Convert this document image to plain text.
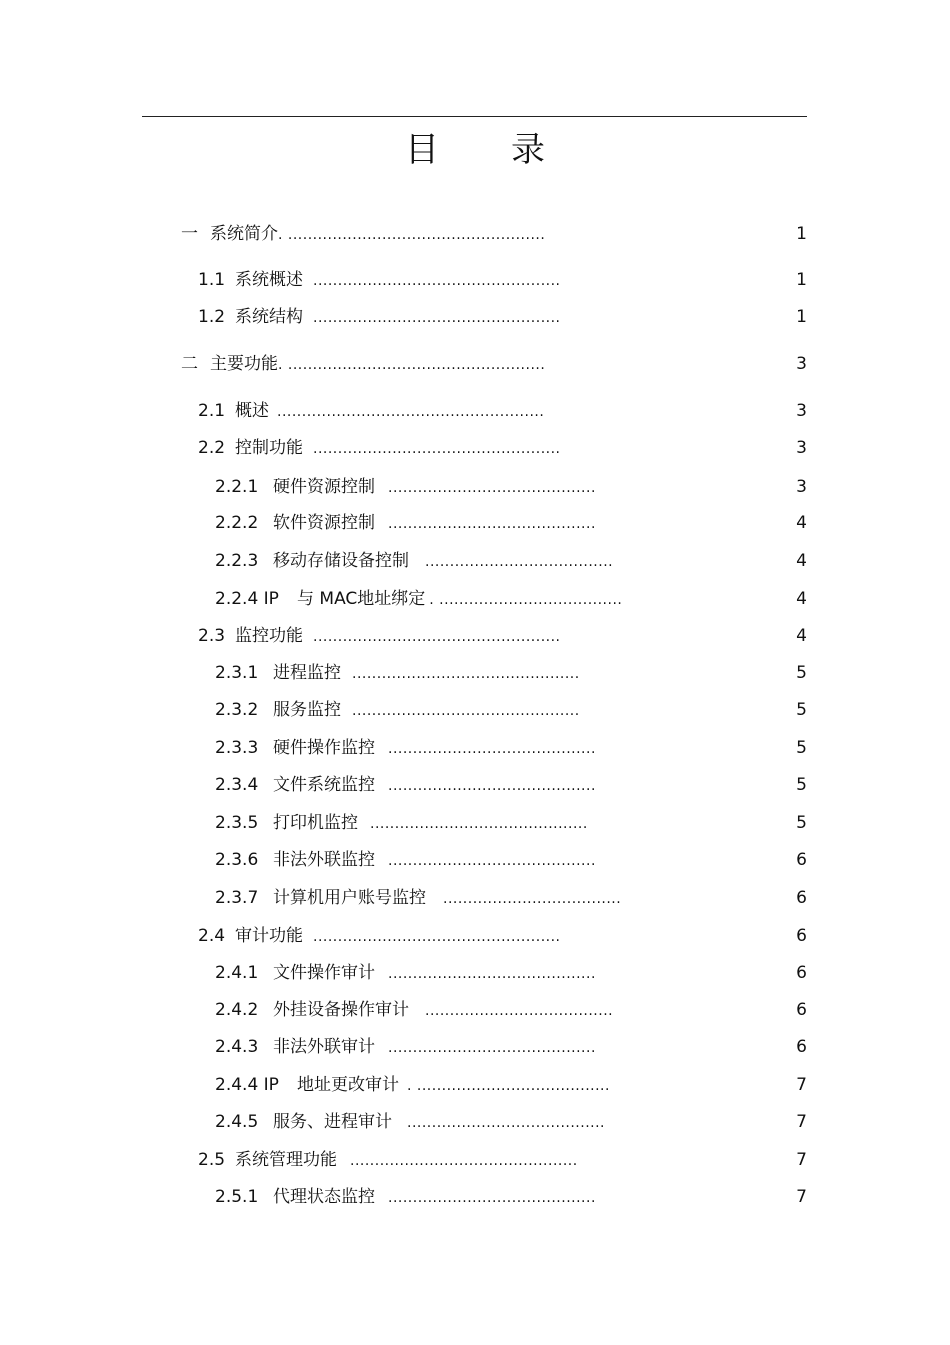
目 录
一 系统简介. ....................................................	1
1.1 系统概述 ..................................................	1
1.2 系统结构 ..................................................	1
二 主要功能. ....................................................	3
2.1 概述 ......................................................	3
2.2 控制功能 ..................................................	3
2.2.1 硬件资源控制 ..........................................	3
2.2.2 软件资源控制 ..........................................	4
2.2.3 移动存储设备控制 ......................................	4
2.2.4 IP 与 MAC地址绑定 . .....................................	4
2.3 监控功能 ..................................................	4
2.3.1 进程监控 ..............................................	5
2.3.2 服务监控 ..............................................	5
2.3.3 硬件操作监控 ..........................................	5
2.3.4 文件系统监控 ..........................................	5
2.3.5 打印机监控 ............................................	5
2.3.6 非法外联监控 ..........................................	6
2.3.7 计算机用户账号监控 ....................................	6
2.4 审计功能 ..................................................	6
2.4.1 文件操作审计 ..........................................	6
2.4.2 外挂设备操作审计 ......................................	6
2.4.3 非法外联审计 ..........................................	6
2.4.4 IP 地址更改审计 . .......................................	7
2.4.5 服务、进程审计 ........................................	7
2.5 系统管理功能 ..............................................	7
2.5.1 代理状态监控 ..........................................	7
